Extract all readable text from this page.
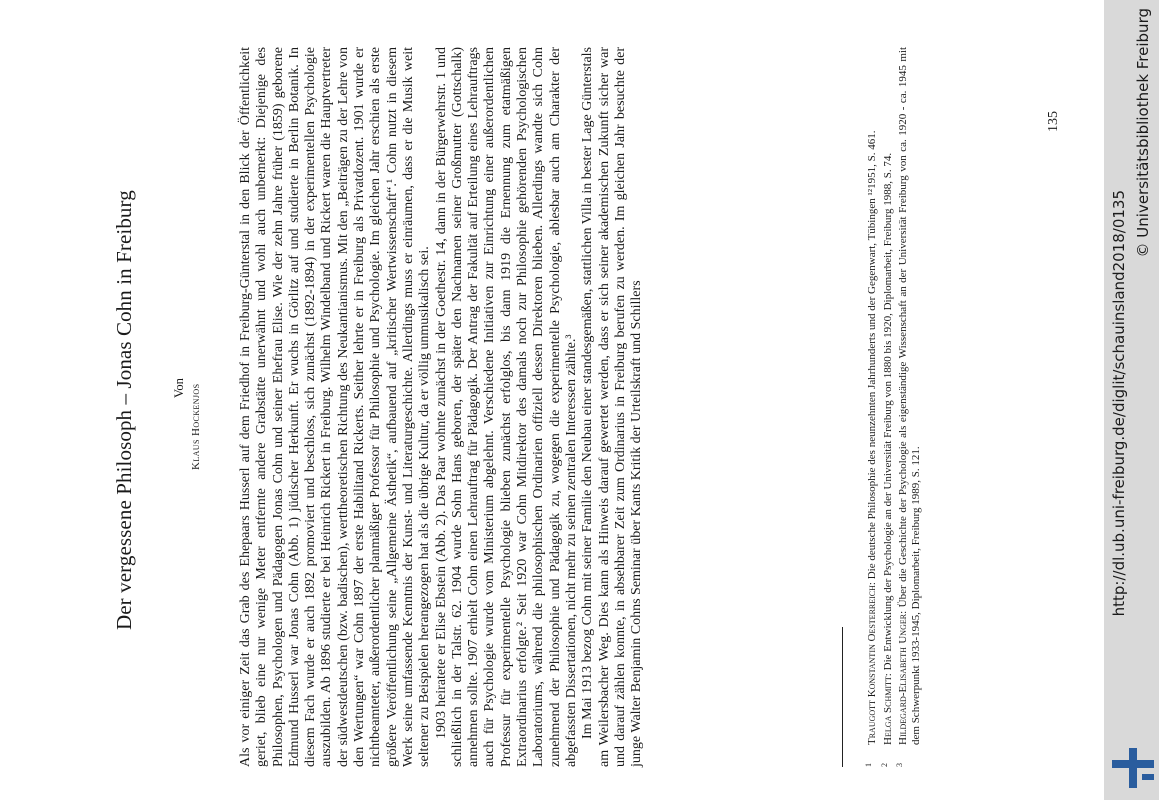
Der vergessene Philosoph – Jonas Cohn in Freiburg	Von Klaus Hockenjos	Als vor einiger Zeit das Grab des Ehepaars Husserl auf dem Friedhof in Freiburg-Günterstal in den Blick der Öffentlichkeit geriet, blieb eine nur wenige Meter entfernte andere Grabstätte unerwähnt und wohl auch unbemerkt: Diejenige des Philosophen, Psychologen und Pädagogen Jonas Cohn und seiner Ehefrau Elise. Wie der zehn Jahre früher (1859) geborene Edmund Husserl war Jonas Cohn (Abb. 1) jüdischer Herkunft. Er wuchs in Görlitz auf und studierte in Berlin Botanik. In diesem Fach wurde er auch 1892 promoviert und beschloss, sich zunächst (1892-1894) in der experimentellen Psychologie auszubilden. Ab 1896 studierte er bei Heinrich Rickert in Freiburg. Wilhelm Windelband und Rickert waren die Hauptvertreter der südwestdeutschen (bzw. badischen), werttheoretischen Richtung des Neukantianismus. Mit den „Beiträgen zu der Lehre von den Wertungen“ war Cohn 1897 der erste Habilitand Rickerts. Seither lehrte er in Freiburg als Privatdozent. 1901 wurde er nichtbeamteter, außerordentlicher planmäßiger Professor für Philosophie und Psychologie. Im gleichen Jahr erschien als erste größere Veröffentlichung seine „Allgemeine Ästhetik“, aufbauend auf „kritischer Wertwissenschaft“.¹ Cohn nutzt in diesem Werk seine umfassende Kenntnis der Kunst- und Literaturgeschichte. Allerdings muss er einräumen, dass er die Musik weit seltener zu Beispielen herangezogen hat als die übrige Kultur, da er völlig unmusikalisch sei. 1903 heiratete er Elise Ebstein (Abb. 2). Das Paar wohnte zunächst in der Goethestr. 14, dann in der Bürgerwehrstr. 1 und schließlich in der Talstr. 62. 1904 wurde Sohn Hans geboren, der später den Nachnamen seiner Großmutter (Gottschalk) annehmen sollte. 1907 erhielt Cohn einen Lehrauftrag für Pädagogik. Der Antrag der Fakultät auf Erteilung eines Lehrauftrags auch für Psychologie wurde vom Ministerium abgelehnt. Verschiedene Initiativen zur Einrichtung einer außerordentlichen Professur für experimentelle Psychologie blieben zunächst erfolglos, bis dann 1919 die Ernennung zum etatmäßigen Extraordinarius erfolgte.² Seit 1920 war Cohn Mitdirektor des damals noch zur Philosophie gehörenden Psychologischen Laboratoriums, während die philosophischen Ordinarien offiziell dessen Direktoren blieben. Allerdings wandte sich Cohn zunehmend der Philosophie und Pädagogik zu, wogegen die experimentelle Psychologie, ablesbar auch am Charakter der abgefassten Dissertationen, nicht mehr zu seinen zentralen Interessen zählte.³ Im Mai 1913 bezog Cohn mit seiner Familie den Neubau einer standesgemäßen, stattlichen Villa in bester Lage Günterstals am Weilersbacher Weg. Dies kann als Hinweis darauf gewertet werden, dass er sich seiner akademischen Zukunft sicher war und darauf zählen konnte, in absehbarer Zeit zum Ordinarius in Freiburg berufen zu werden. Im gleichen Jahr besuchte der junge Walter Benjamin Cohns Seminar über Kants Kritik der Urteilskraft und Schillers	1
Traugott Konstantin Oesterreich: Die deutsche Philosophie des neunzehnten Jahrhunderts und der Gegenwart, Tübingen ¹²1951, S. 461.
2
Helga Schmitt: Die Entwicklung der Psychologie an der Universität Freiburg von 1880 bis 1920, Diplomarbeit, Freiburg 1988, S. 74.
3
Hildegard-Elisabeth Unger: Über die Geschichte der Psychologie als eigenständige Wissenschaft an der Universität Freiburg von ca. 1920 - ca. 1945 mit dem Schwerpunkt 1933-1945, Diplomarbeit, Freiburg 1989, S. 121.
135
http://dl.ub.uni-freiburg.de/diglit/schauinsland2018/0135
© Universitätsbibliothek Freiburg
